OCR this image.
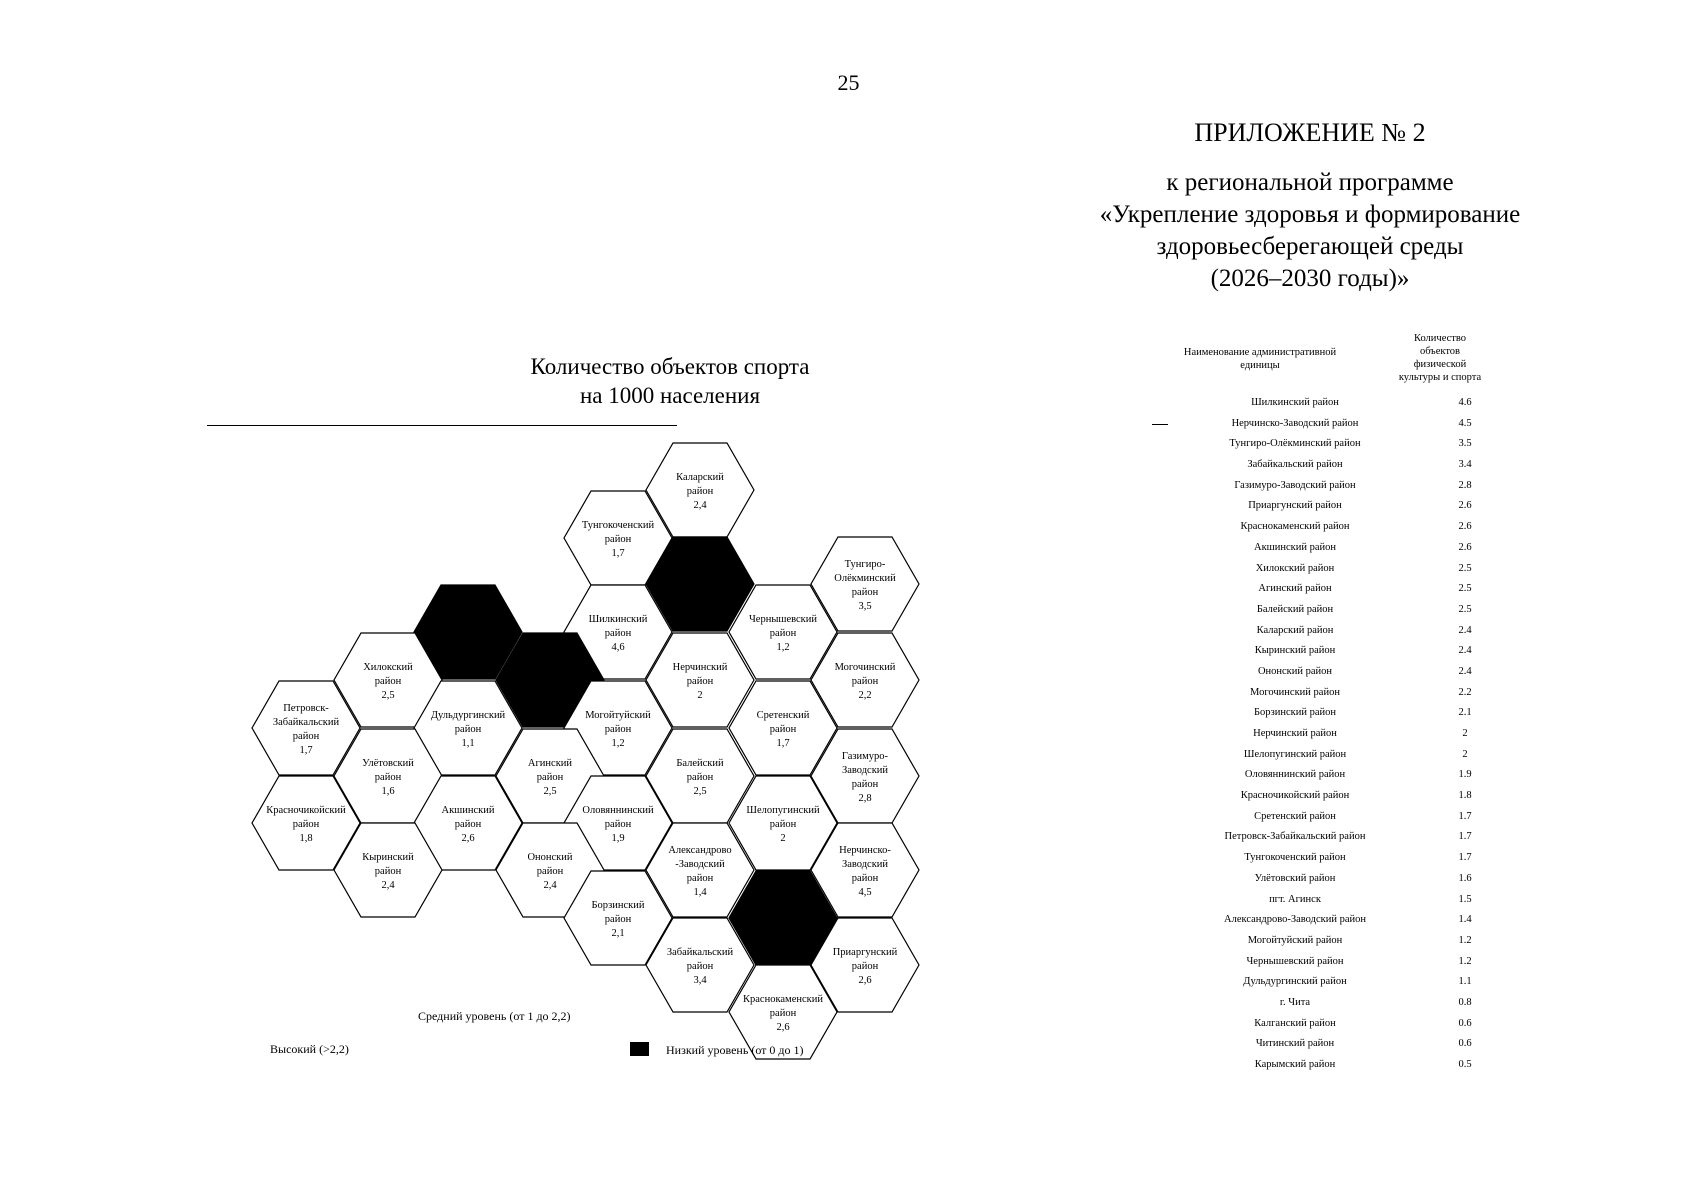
25
ПРИЛОЖЕНИЕ № 2
к региональной программе
«Укрепление здоровья и формирование
здоровьесберегающей среды
(2026–2030 годы)»
Количество объектов спорта
на 1000 населения
Каларский
район
2,4
Тунгокоченский
район
1,7
Тунгиро-
Олёкминский
район
3,5
Шилкинский
район
4,6
Чернышевский
район
1,2
Хилокский
район
2,5
Нерчинский
район
2
Могочинский
район
2,2
Петровск-
Забайкальский
район
1,7
Дульдургинский
район
1,1
Могойтуйский
район
1,2
Сретенский
район
1,7
Улётовский
район
1,6
Агинский
район
2,5
Балейский
район
2,5
Газимуро-
Заводский
район
2,8
Красночикойский
район
1,8
Акшинский
район
2,6
Оловяннинский
район
1,9
Шелопугинский
район
2
Кыринский
район
2,4
Ононский
район
2,4
Александрово
-Заводский
район
1,4
Нерчинско-
Заводский
район
4,5
Борзинский
район
2,1
Забайкальский
район
3,4
Приаргунский
район
2,6
Краснокаменский
район
2,6
Средний уровень (от 1 до 2,2)
Высокий (>2,2)	Низкий уровень (от 0 до 1)
Наименование административной
единицы
Количество
объектов
физической
культуры и спорта
Шилкинский район	4.6
Нерчинско-Заводский район	4.5
Тунгиро-Олёкминский район	3.5
Забайкальский район	3.4
Газимуро-Заводский район	2.8
Приаргунский район	2.6
Краснокаменский район	2.6
Акшинский район	2.6
Хилокский район	2.5
Агинский район	2.5
Балейский район	2.5
Каларский район	2.4
Кыринский район	2.4
Ононский район	2.4
Могочинский район	2.2
Борзинский район	2.1
Нерчинский район	2
Шелопугинский район	2
Оловяннинский район	1.9
Красночикойский район	1.8
Сретенский район	1.7
Петровск-Забайкальский район	1.7
Тунгокоченский район	1.7
Улётовский район	1.6
пгт. Агинск	1.5
Александрово-Заводский район	1.4
Могойтуйский район	1.2
Чернышевский район	1.2
Дульдургинский район	1.1
г. Чита	0.8
Калганский район	0.6
Читинский район	0.6
Карымский район	0.5
